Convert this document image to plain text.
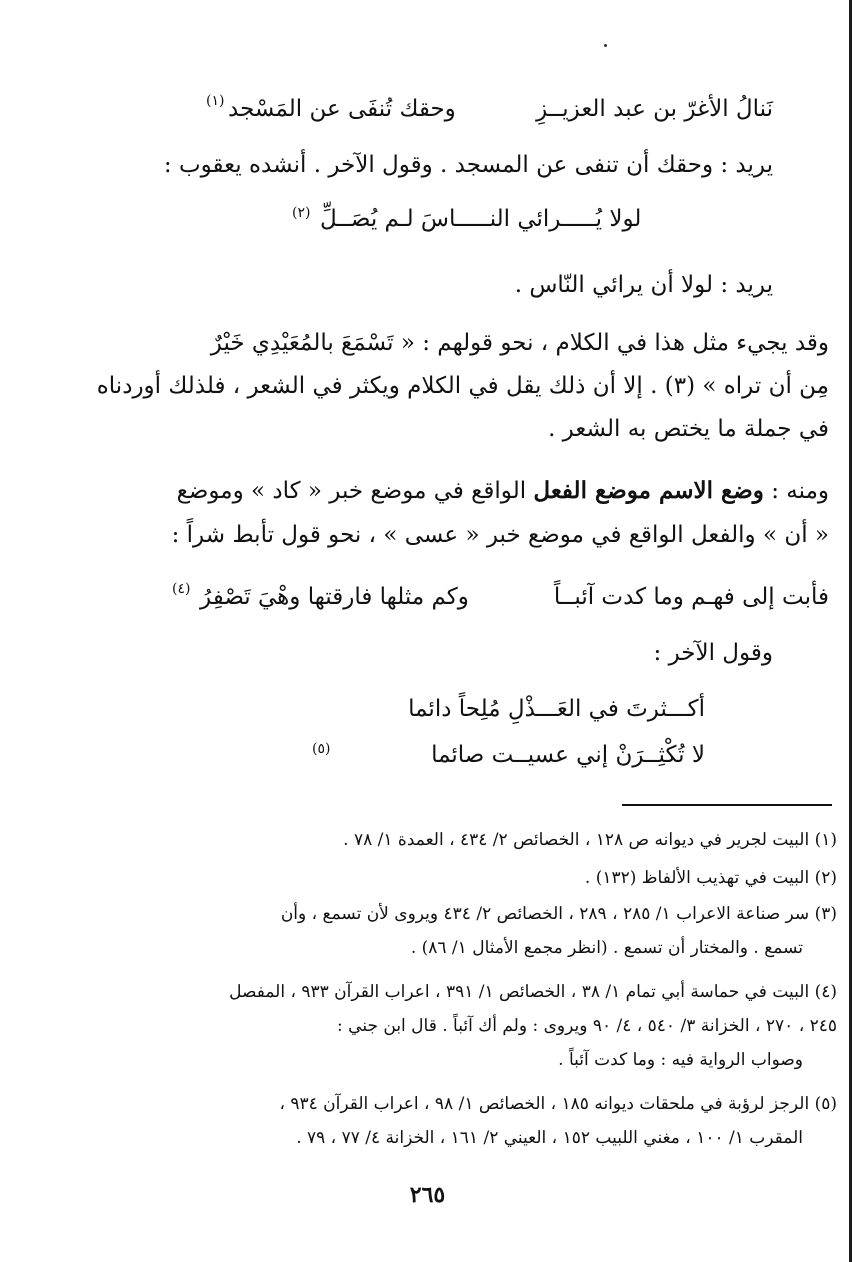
نَنالُ الأغرّ بن عبد العزيــزِ
وحقك تُنفَى عن المَسْجد
(١)
يريد : وحقك أن تنفى عن المسجد . وقول الآخر . أنشده يعقوب :
لولا يُـــــرائي النـــــاسَ لـم يُصَــلِّ
(٢)
يريد : لولا أن يرائي النّاس .
وقد يجيء مثل هذا في الكلام ، نحو قولهم : « تَسْمَعَ بالمُعَيْدِي خَيْرٌ
مِن أن تراه » (٣) . إلا أن ذلك يقل في الكلام ويكثر في الشعر ، فلذلك أوردناه
في جملة ما يختص به الشعر .
ومنه : وضع الاسم موضع الفعل الواقع في موضع خبر « كاد » وموضع
« أن » والفعل الواقع في موضع خبر « عسى » ، نحو قول تأبط شراً :
فأبت إلى فهـم وما كدت آئبــاً
وكم مثلها فارقتها وهْيَ تَصْفِرُ
(٤)
وقول الآخر :
أكـــثرتَ في العَـــذْلِ مُلِحاً دائما
لا تُكْثِــرَنْ إني عسيــت صائما
(٥)
(١) البيت لجرير في ديوانه ص ١٢٨ ، الخصائص ٢/ ٤٣٤ ، العمدة ١/ ٧٨ .
(٢) البيت في تهذيب الألفاظ (١٣٢) .
(٣) سر صناعة الاعراب ١/ ٢٨٥ ، ٢٨٩ ، الخصائص ٢/ ٤٣٤ ويروى لأن تسمع ، وأن
تسمع . والمختار أن تسمع . (انظر مجمع الأمثال ١/ ٨٦) .
(٤) البيت في حماسة أبي تمام ١/ ٣٨ ، الخصائص ١/ ٣٩١ ، اعراب القرآن ٩٣٣ ، المفصل
٢٤٥ ، ٢٧٠ ، الخزانة ٣/ ٥٤٠ ، ٤/ ٩٠ ويروى : ولم أك آئباً . قال ابن جني :
وصواب الرواية فيه : وما كدت آئباً .
(٥) الرجز لرؤبة في ملحقات ديوانه ١٨٥ ، الخصائص ١/ ٩٨ ، اعراب القرآن ٩٣٤ ،
المقرب ١/ ١٠٠ ، مغني اللبيب ١٥٢ ، العيني ٢/ ١٦١ ، الخزانة ٤/ ٧٧ ، ٧٩ .
٢٦٥
